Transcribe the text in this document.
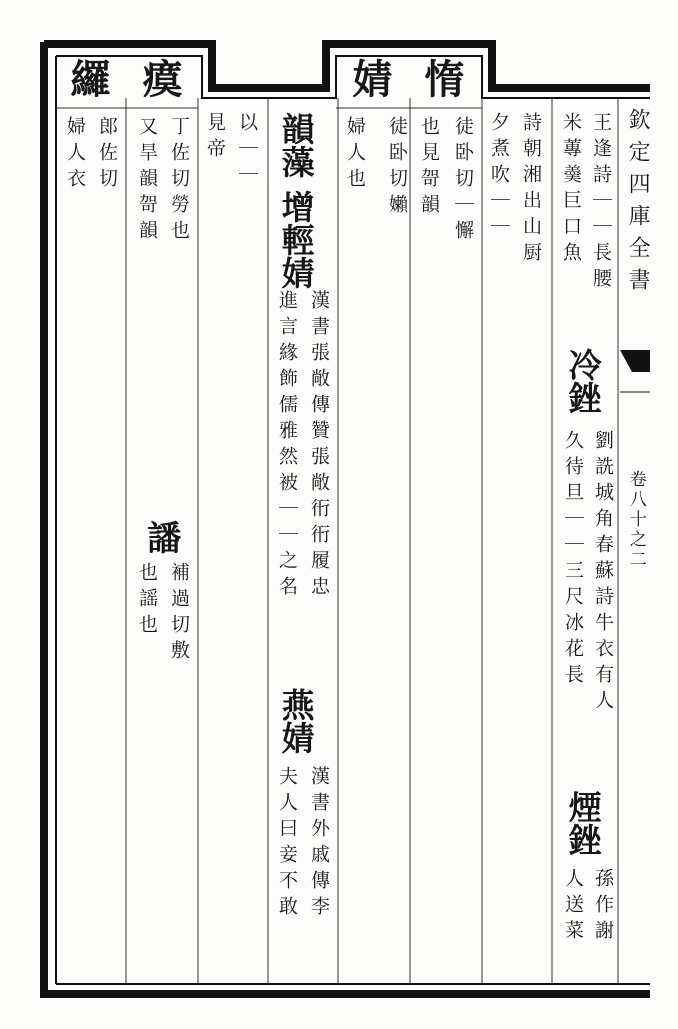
欽定四庫全書
卷八十之二
王逢詩｜｜長腰
米蓴羮巨口魚
冷銼
劉詵城角春蘇詩牛衣有人
久待旦｜｜三尺冰花長
煙銼
孫作謝
人送菜
詩朝湘出山厨
夕煮吹｜｜
惰
徒卧切｜懈
也見哿韻
徒卧切嬾
婧
婦人也
韻藻
增輕婧
漢書張敞傳贊張敞衎衎履忠
進言緣飾儒雅然被｜｜之名
燕婧
漢書外戚傳李
夫人曰妾不敢
以｜｜
見帝
瘼
丁佐切勞也
又旱韻哿韻
譒
補過切敷
也謡也
纙
郎佐切
婦人衣
